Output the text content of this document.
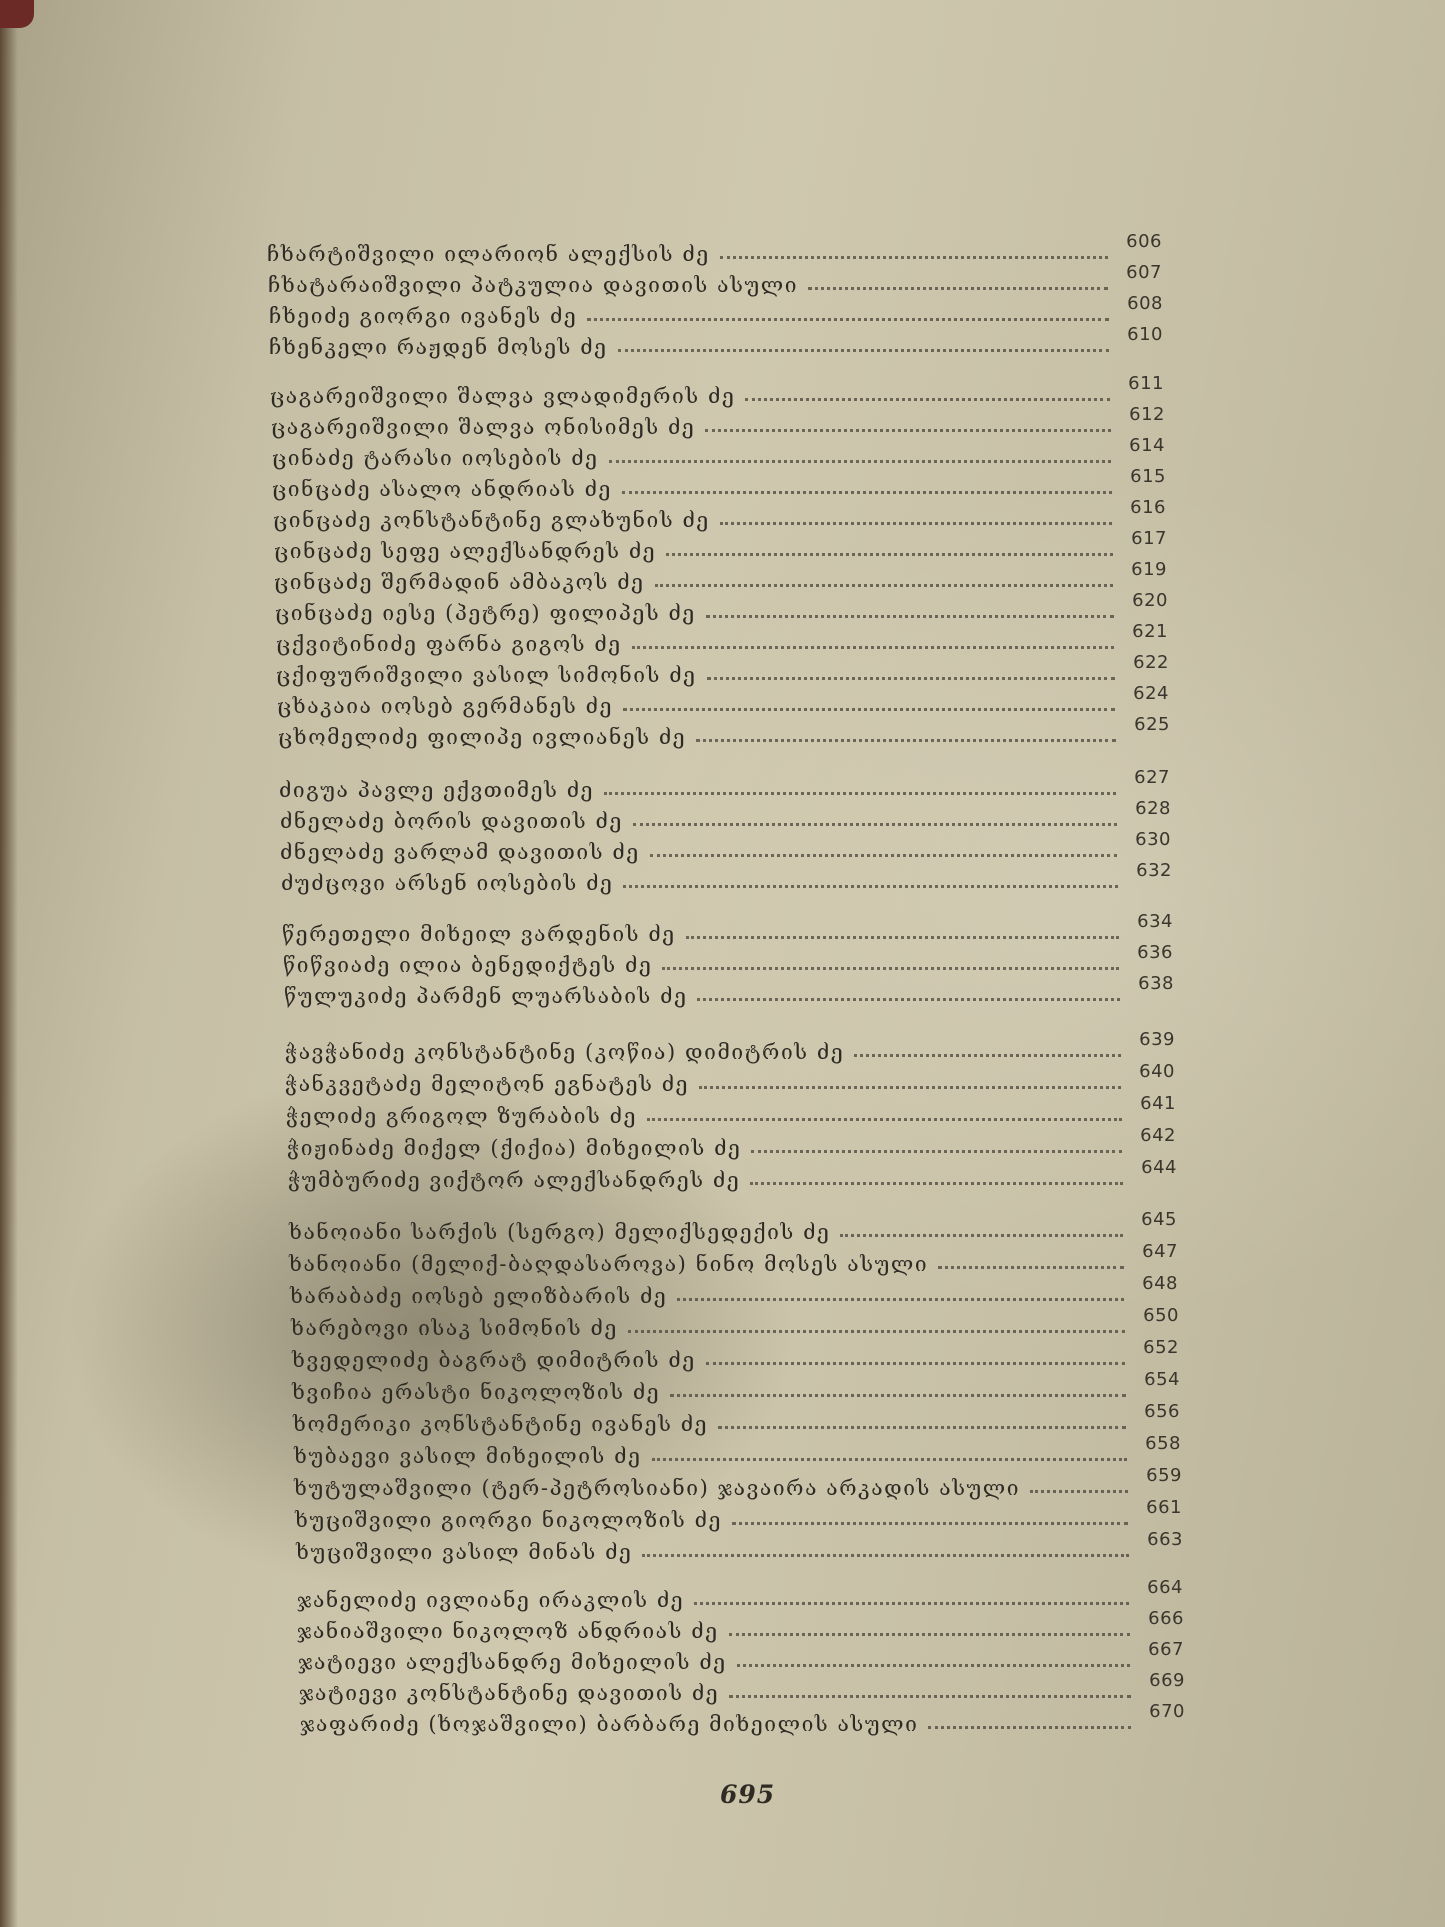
ჩხარტიშვილი ილარიონ ალექსის ძე
606
ჩხატარაიშვილი პატკულია დავითის ასული
607
ჩხეიძე გიორგი ივანეს ძე
608
ჩხენკელი რაჟდენ მოსეს ძე
610
ცაგარეიშვილი შალვა ვლადიმერის ძე
611
ცაგარეიშვილი შალვა ონისიმეს ძე
612
ცინაძე ტარასი იოსების ძე
614
ცინცაძე ასალო ანდრიას ძე
615
ცინცაძე კონსტანტინე გლახუნის ძე
616
ცინცაძე სეფე ალექსანდრეს ძე
617
ცინცაძე შერმადინ ამბაკოს ძე
619
ცინცაძე იესე (პეტრე) ფილიპეს ძე
620
ცქვიტინიძე ფარნა გიგოს ძე
621
ცქიფურიშვილი ვასილ სიმონის ძე
622
ცხაკაია იოსებ გერმანეს ძე
624
ცხომელიძე ფილიპე ივლიანეს ძე
625
ძიგუა პავლე ექვთიმეს ძე
627
ძნელაძე ბორის დავითის ძე
628
ძნელაძე ვარლამ დავითის ძე
630
ძუძცოვი არსენ იოსების ძე
632
წერეთელი მიხეილ ვარდენის ძე
634
წიწვიაძე ილია ბენედიქტეს ძე
636
წულუკიძე პარმენ ლუარსაბის ძე
638
ჭავჭანიძე კონსტანტინე (კოწია) დიმიტრის ძე
639
ჭანკვეტაძე მელიტონ ეგნატეს ძე
640
ჭელიძე გრიგოლ ზურაბის ძე
641
ჭიჟინაძე მიქელ (ქიქია) მიხეილის ძე
642
ჭუმბურიძე ვიქტორ ალექსანდრეს ძე
644
ხანოიანი სარქის (სერგო) მელიქსედექის ძე
645
ხანოიანი (მელიქ-ბაღდასაროვა) ნინო მოსეს ასული
647
ხარაბაძე იოსებ ელიზბარის ძე
648
ხარებოვი ისაკ სიმონის ძე
650
ხვედელიძე ბაგრატ დიმიტრის ძე
652
ხვიჩია ერასტი ნიკოლოზის ძე
654
ხომერიკი კონსტანტინე ივანეს ძე
656
ხუბაევი ვასილ მიხეილის ძე
658
ხუტულაშვილი (ტერ-პეტროსიანი) ჯავაირა არკადის ასული
659
ხუციშვილი გიორგი ნიკოლოზის ძე
661
ხუციშვილი ვასილ მინას ძე
663
ჯანელიძე ივლიანე ირაკლის ძე
664
ჯანიაშვილი ნიკოლოზ ანდრიას ძე
666
ჯატიევი ალექსანდრე მიხეილის ძე
667
ჯატიევი კონსტანტინე დავითის ძე
669
ჯაფარიძე (ხოჯაშვილი) ბარბარე მიხეილის ასული
670
695
